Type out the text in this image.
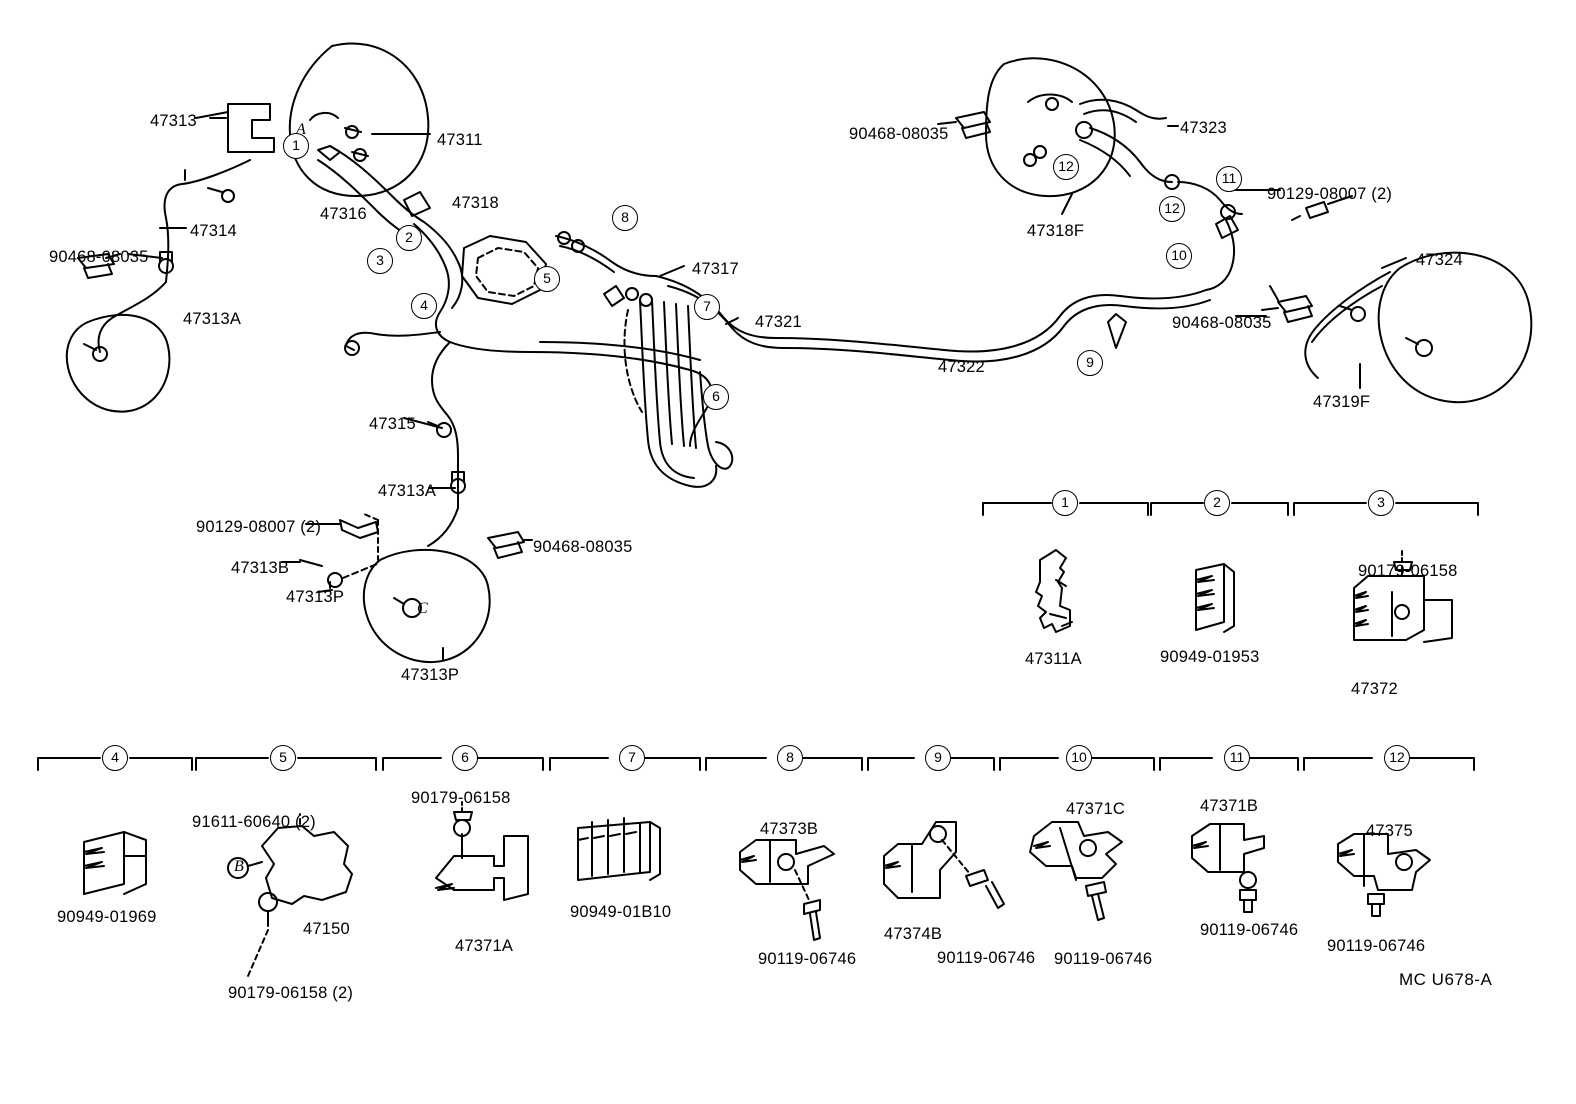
47313
47311
90468-08035
47314
47316
47318
47313A
47317
47321
47322
47315
47313A
90129-08007 (2)
47313B
47313P
90468-08035
47313P
90468-08035	47323
47318F
90129-08007 (2)
47324
90468-08035
47319F
1
2
3
4
5
6
7
8
9
10
11
12
12
1
47311A
2
90949-01953
3
90179-06158
47372
4
90949-01969
5
91611-60640 (2)
47150
90179-06158 (2)
6
90179-06158
47371A
7
90949-01B10
8
47373B
90119-06746
9
47374B
90119-06746
10
47371C
90119-06746
11
47371B
90119-06746
12
47375
90119-06746
B
C
A
MC U678-A
